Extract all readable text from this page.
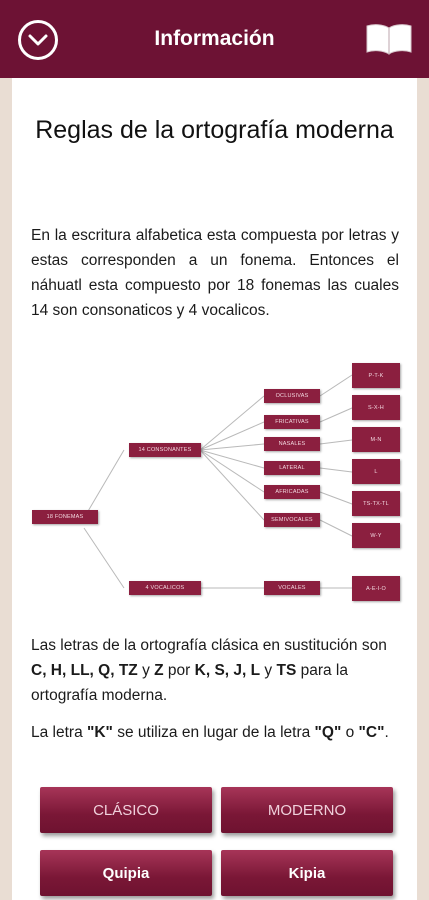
Información
Reglas de la ortografía moderna
En la escritura alfabetica esta compuesta por letras y estas corresponden a un fonema. Entonces el náhuatl esta compuesto por 18 fonemas las cuales 14 son consonaticos y 4 vocalicos.
18 FONEMAS
14 CONSONANTES
4 VOCALICOS
OCLUSIVAS
FRICATIVAS
NASALES
LATERAL
AFRICADAS
SEMIVOCALES
VOCALES
P-T-K
S-X-H
M-N
L
TS-TX-TL
W-Y
A-E-I-O
Las letras de la ortografía clásica en sustitución son C, H, LL, Q, TZ y Z por K, S, J, L y TS para la ortografía moderna.
La letra "K" se utiliza en lugar de la letra "Q" o "C".
CLÁSICO	MODERNO
Quipia	Kipia
